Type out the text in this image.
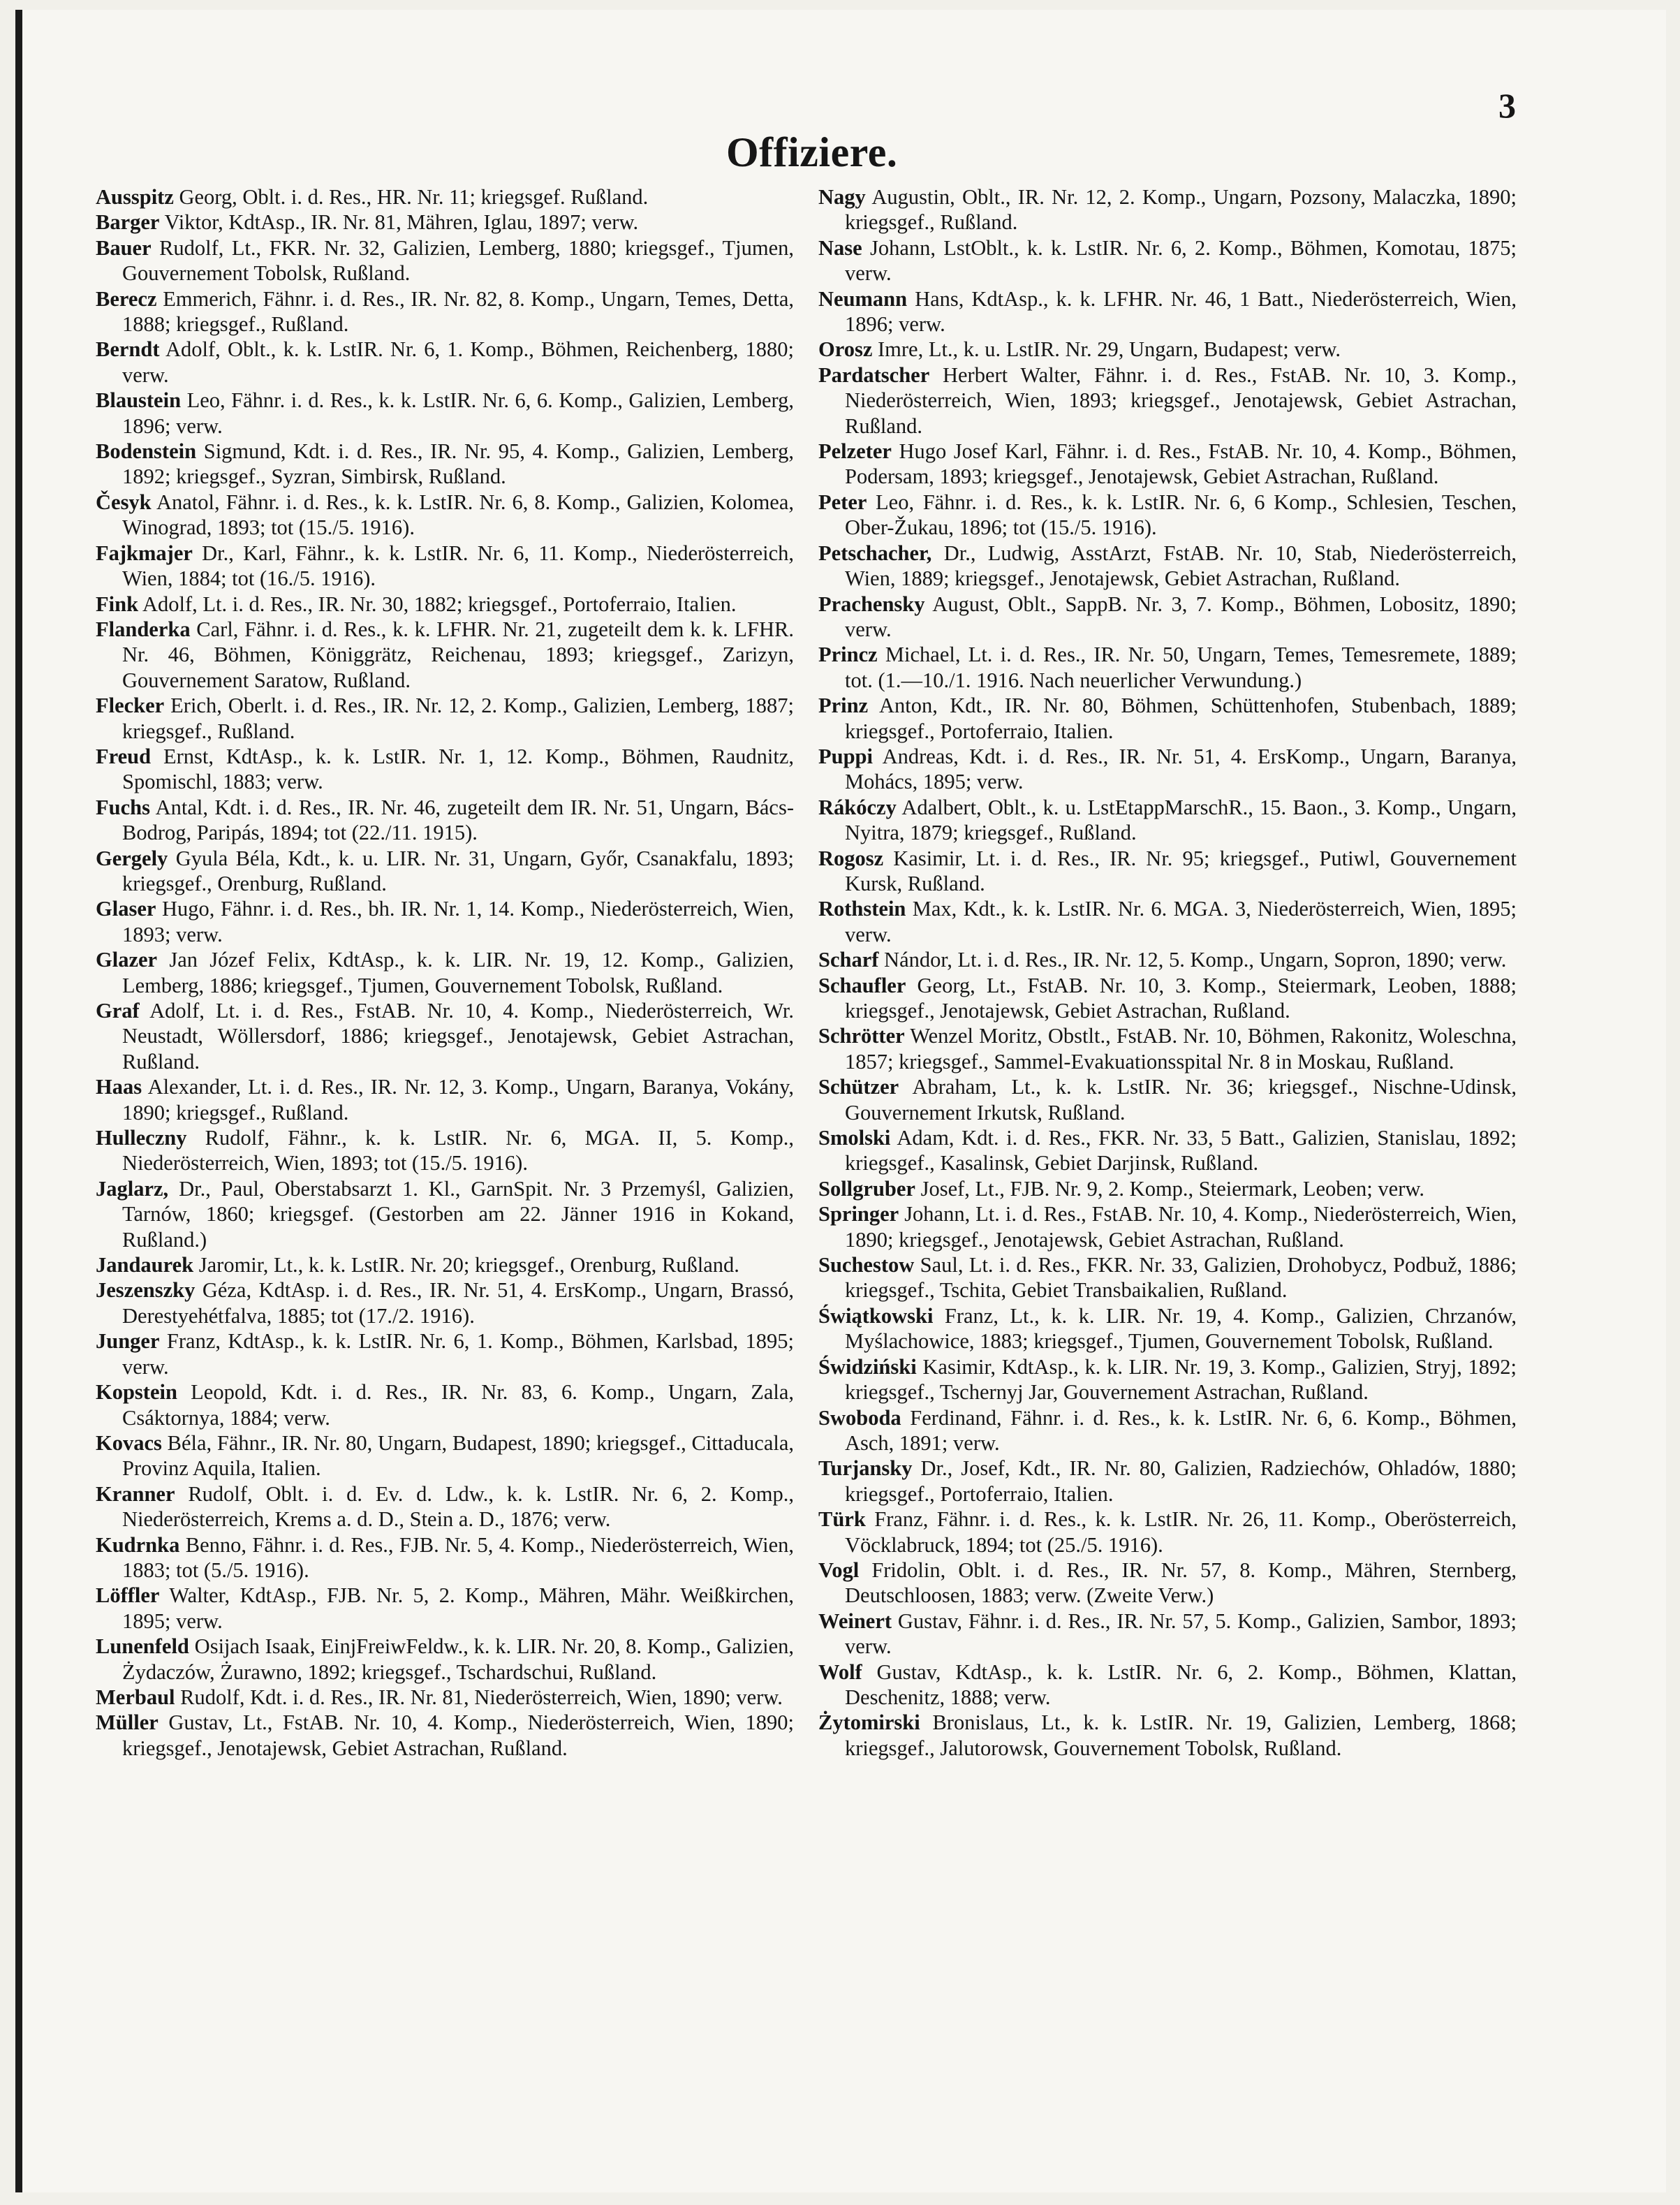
3
Offiziere.

Ausspitz Georg, Oblt. i. d. Res., HR. Nr. 11; kriegsgef. Rußland.

Barger Viktor, KdtAsp., IR. Nr. 81, Mähren, Iglau, 1897; verw.

Bauer Rudolf, Lt., FKR. Nr. 32, Galizien, Lemberg, 1880; kriegsgef., Tjumen, Gouvernement Tobolsk, Rußland.

Berecz Emmerich, Fähnr. i. d. Res., IR. Nr. 82, 8. Komp., Ungarn, Temes, Detta, 1888; kriegsgef., Rußland.

Berndt Adolf, Oblt., k. k. LstIR. Nr. 6, 1. Komp., Böhmen, Reichenberg, 1880; verw.

Blaustein Leo, Fähnr. i. d. Res., k. k. LstIR. Nr. 6, 6. Komp., Galizien, Lemberg, 1896; verw.

Bodenstein Sigmund, Kdt. i. d. Res., IR. Nr. 95, 4. Komp., Galizien, Lemberg, 1892; kriegsgef., Syzran, Simbirsk, Rußland.

Česyk Anatol, Fähnr. i. d. Res., k. k. LstIR. Nr. 6, 8. Komp., Galizien, Kolomea, Winograd, 1893; tot (15./5. 1916).

Fajkmajer Dr., Karl, Fähnr., k. k. LstIR. Nr. 6, 11. Komp., Niederösterreich, Wien, 1884; tot (16./5. 1916).

Fink Adolf, Lt. i. d. Res., IR. Nr. 30, 1882; kriegsgef., Portoferraio, Italien.

Flanderka Carl, Fähnr. i. d. Res., k. k. LFHR. Nr. 21, zugeteilt dem k. k. LFHR. Nr. 46, Böhmen, Königgrätz, Reichenau, 1893; kriegsgef., Zarizyn, Gouvernement Saratow, Rußland.

Flecker Erich, Oberlt. i. d. Res., IR. Nr. 12, 2. Komp., Galizien, Lemberg, 1887; kriegsgef., Rußland.

Freud Ernst, KdtAsp., k. k. LstIR. Nr. 1, 12. Komp., Böhmen, Raudnitz, Spomischl, 1883; verw.

Fuchs Antal, Kdt. i. d. Res., IR. Nr. 46, zugeteilt dem IR. Nr. 51, Ungarn, Bács-Bodrog, Paripás, 1894; tot (22./11. 1915).

Gergely Gyula Béla, Kdt., k. u. LIR. Nr. 31, Ungarn, Győr, Csanakfalu, 1893; kriegsgef., Orenburg, Rußland.

Glaser Hugo, Fähnr. i. d. Res., bh. IR. Nr. 1, 14. Komp., Niederösterreich, Wien, 1893; verw.

Glazer Jan Józef Felix, KdtAsp., k. k. LIR. Nr. 19, 12. Komp., Galizien, Lemberg, 1886; kriegsgef., Tjumen, Gouvernement Tobolsk, Rußland.

Graf Adolf, Lt. i. d. Res., FstAB. Nr. 10, 4. Komp., Niederösterreich, Wr. Neustadt, Wöllersdorf, 1886; kriegsgef., Jenotajewsk, Gebiet Astrachan, Rußland.

Haas Alexander, Lt. i. d. Res., IR. Nr. 12, 3. Komp., Ungarn, Baranya, Vokány, 1890; kriegsgef., Rußland.

Hulleczny Rudolf, Fähnr., k. k. LstIR. Nr. 6, MGA. II, 5. Komp., Niederösterreich, Wien, 1893; tot (15./5. 1916).

Jaglarz, Dr., Paul, Oberstabsarzt 1. Kl., GarnSpit. Nr. 3 Przemyśl, Galizien, Tarnów, 1860; kriegsgef. (Gestorben am 22. Jänner 1916 in Kokand, Rußland.)

Jandaurek Jaromir, Lt., k. k. LstIR. Nr. 20; kriegsgef., Orenburg, Rußland.

Jeszenszky Géza, KdtAsp. i. d. Res., IR. Nr. 51, 4. ErsKomp., Ungarn, Brassó, Derestyehétfalva, 1885; tot (17./2. 1916).

Junger Franz, KdtAsp., k. k. LstIR. Nr. 6, 1. Komp., Böhmen, Karlsbad, 1895; verw.

Kopstein Leopold, Kdt. i. d. Res., IR. Nr. 83, 6. Komp., Ungarn, Zala, Csáktornya, 1884; verw.

Kovacs Béla, Fähnr., IR. Nr. 80, Ungarn, Budapest, 1890; kriegsgef., Cittaducala, Provinz Aquila, Italien.

Kranner Rudolf, Oblt. i. d. Ev. d. Ldw., k. k. LstIR. Nr. 6, 2. Komp., Niederösterreich, Krems a. d. D., Stein a. D., 1876; verw.

Kudrnka Benno, Fähnr. i. d. Res., FJB. Nr. 5, 4. Komp., Niederösterreich, Wien, 1883; tot (5./5. 1916).

Löffler Walter, KdtAsp., FJB. Nr. 5, 2. Komp., Mähren, Mähr. Weißkirchen, 1895; verw.

Lunenfeld Osijach Isaak, EinjFreiwFeldw., k. k. LIR. Nr. 20, 8. Komp., Galizien, Żydaczów, Żurawno, 1892; kriegsgef., Tschardschui, Rußland.

Merbaul Rudolf, Kdt. i. d. Res., IR. Nr. 81, Niederösterreich, Wien, 1890; verw.

Müller Gustav, Lt., FstAB. Nr. 10, 4. Komp., Niederösterreich, Wien, 1890; kriegsgef., Jenotajewsk, Gebiet Astrachan, Rußland.

Nagy Augustin, Oblt., IR. Nr. 12, 2. Komp., Ungarn, Pozsony, Malaczka, 1890; kriegsgef., Rußland.

Nase Johann, LstOblt., k. k. LstIR. Nr. 6, 2. Komp., Böhmen, Komotau, 1875; verw.

Neumann Hans, KdtAsp., k. k. LFHR. Nr. 46, 1 Batt., Niederösterreich, Wien, 1896; verw.

Orosz Imre, Lt., k. u. LstIR. Nr. 29, Ungarn, Budapest; verw.

Pardatscher Herbert Walter, Fähnr. i. d. Res., FstAB. Nr. 10, 3. Komp., Niederösterreich, Wien, 1893; kriegsgef., Jenotajewsk, Gebiet Astrachan, Rußland.

Pelzeter Hugo Josef Karl, Fähnr. i. d. Res., FstAB. Nr. 10, 4. Komp., Böhmen, Podersam, 1893; kriegsgef., Jenotajewsk, Gebiet Astrachan, Rußland.

Peter Leo, Fähnr. i. d. Res., k. k. LstIR. Nr. 6, 6 Komp., Schlesien, Teschen, Ober-Žukau, 1896; tot (15./5. 1916).

Petschacher, Dr., Ludwig, AsstArzt, FstAB. Nr. 10, Stab, Niederösterreich, Wien, 1889; kriegsgef., Jenotajewsk, Gebiet Astrachan, Rußland.

Prachensky August, Oblt., SappB. Nr. 3, 7. Komp., Böhmen, Lobositz, 1890; verw.

Princz Michael, Lt. i. d. Res., IR. Nr. 50, Ungarn, Temes, Temesremete, 1889; tot. (1.—10./1. 1916. Nach neuerlicher Verwundung.)

Prinz Anton, Kdt., IR. Nr. 80, Böhmen, Schüttenhofen, Stubenbach, 1889; kriegsgef., Portoferraio, Italien.

Puppi Andreas, Kdt. i. d. Res., IR. Nr. 51, 4. ErsKomp., Ungarn, Baranya, Mohács, 1895; verw.

Rákóczy Adalbert, Oblt., k. u. LstEtappMarschR., 15. Baon., 3. Komp., Ungarn, Nyitra, 1879; kriegsgef., Rußland.

Rogosz Kasimir, Lt. i. d. Res., IR. Nr. 95; kriegsgef., Putiwl, Gouvernement Kursk, Rußland.

Rothstein Max, Kdt., k. k. LstIR. Nr. 6. MGA. 3, Niederösterreich, Wien, 1895; verw.

Scharf Nándor, Lt. i. d. Res., IR. Nr. 12, 5. Komp., Ungarn, Sopron, 1890; verw.

Schaufler Georg, Lt., FstAB. Nr. 10, 3. Komp., Steiermark, Leoben, 1888; kriegsgef., Jenotajewsk, Gebiet Astrachan, Rußland.

Schrötter Wenzel Moritz, Obstlt., FstAB. Nr. 10, Böhmen, Rakonitz, Woleschna, 1857; kriegsgef., Sammel-Evakuationsspital Nr. 8 in Moskau, Rußland.

Schützer Abraham, Lt., k. k. LstIR. Nr. 36; kriegsgef., Nischne-Udinsk, Gouvernement Irkutsk, Rußland.

Smolski Adam, Kdt. i. d. Res., FKR. Nr. 33, 5 Batt., Galizien, Stanislau, 1892; kriegsgef., Kasalinsk, Gebiet Darjinsk, Rußland.

Sollgruber Josef, Lt., FJB. Nr. 9, 2. Komp., Steiermark, Leoben; verw.

Springer Johann, Lt. i. d. Res., FstAB. Nr. 10, 4. Komp., Niederösterreich, Wien, 1890; kriegsgef., Jenotajewsk, Gebiet Astrachan, Rußland.

Suchestow Saul, Lt. i. d. Res., FKR. Nr. 33, Galizien, Drohobycz, Podbuž, 1886; kriegsgef., Tschita, Gebiet Transbaikalien, Rußland.

Świątkowski Franz, Lt., k. k. LIR. Nr. 19, 4. Komp., Galizien, Chrzanów, Myślachowice, 1883; kriegsgef., Tjumen, Gouvernement Tobolsk, Rußland.

Świdziński Kasimir, KdtAsp., k. k. LIR. Nr. 19, 3. Komp., Galizien, Stryj, 1892; kriegsgef., Tschernyj Jar, Gouvernement Astrachan, Rußland.

Swoboda Ferdinand, Fähnr. i. d. Res., k. k. LstIR. Nr. 6, 6. Komp., Böhmen, Asch, 1891; verw.

Turjansky Dr., Josef, Kdt., IR. Nr. 80, Galizien, Radziechów, Ohladów, 1880; kriegsgef., Portoferraio, Italien.

Türk Franz, Fähnr. i. d. Res., k. k. LstIR. Nr. 26, 11. Komp., Oberösterreich, Vöcklabruck, 1894; tot (25./5. 1916).

Vogl Fridolin, Oblt. i. d. Res., IR. Nr. 57, 8. Komp., Mähren, Sternberg, Deutschloosen, 1883; verw. (Zweite Verw.)

Weinert Gustav, Fähnr. i. d. Res., IR. Nr. 57, 5. Komp., Galizien, Sambor, 1893; verw.

Wolf Gustav, KdtAsp., k. k. LstIR. Nr. 6, 2. Komp., Böhmen, Klattan, Deschenitz, 1888; verw.

Żytomirski Bronislaus, Lt., k. k. LstIR. Nr. 19, Galizien, Lemberg, 1868; kriegsgef., Jalutorowsk, Gouvernement Tobolsk, Rußland.
